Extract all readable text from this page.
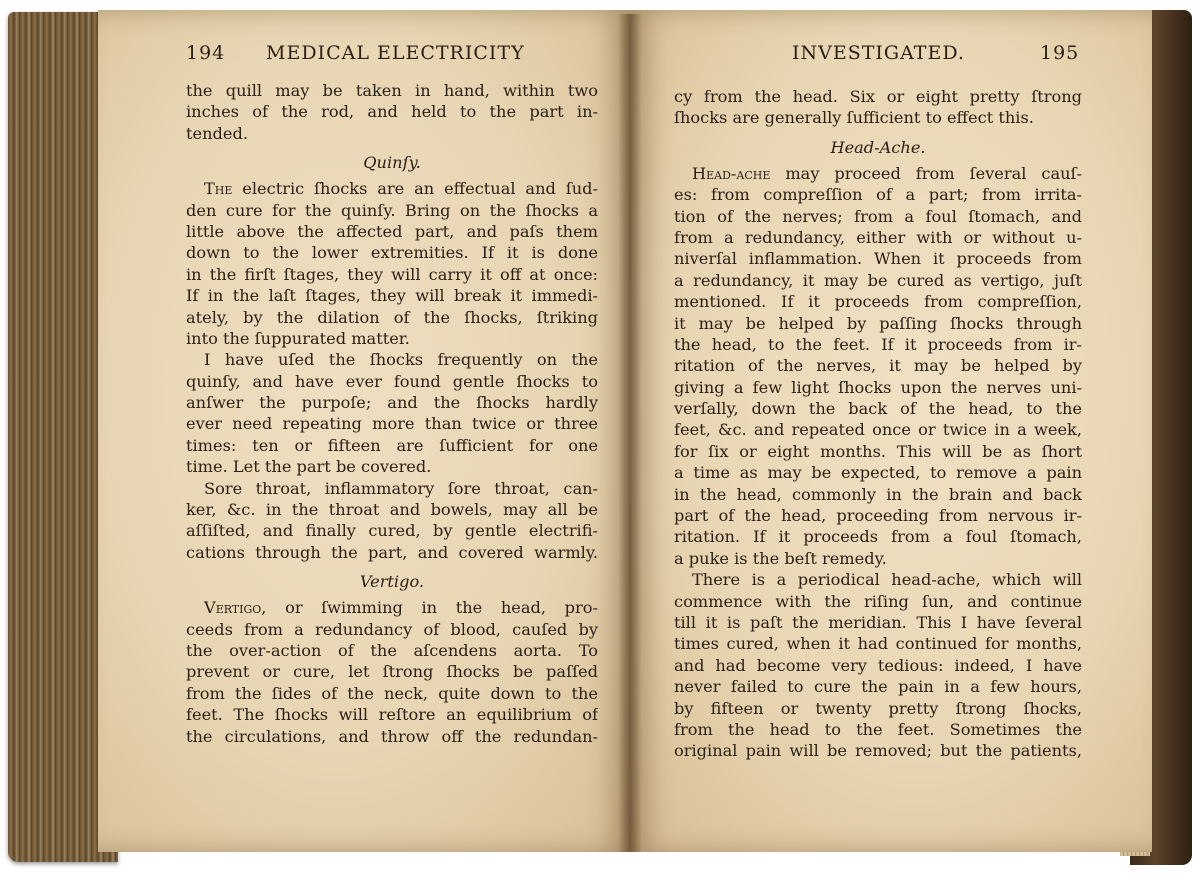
194 MEDICAL ELECTRICITY
the quill may be taken in hand, within two
inches of the rod, and held to the part in-
tended.
Quinſy.
The electric ſhocks are an effectual and ſud-
den cure for the quinſy. Bring on the ſhocks a
little above the affected part, and paſs them
down to the lower extremities. If it is done
in the firſt ſtages, they will carry it off at once:
If in the laſt ſtages, they will break it immedi-
ately, by the dilation of the ſhocks, ſtriking
into the ſuppurated matter.
I have uſed the ſhocks frequently on the
quinſy, and have ever found gentle ſhocks to
anſwer the purpoſe; and the ſhocks hardly
ever need repeating more than twice or three
times: ten or fifteen are ſufficient for one
time. Let the part be covered.
Sore throat, inflammatory ſore throat, can-
ker, &c. in the throat and bowels, may all be
aſſiſted, and finally cured, by gentle electrifi-
cations through the part, and covered warmly.
Vertigo.
Vertigo, or ſwimming in the head, pro-
ceeds from a redundancy of blood, cauſed by
the over-action of the aſcendens aorta. To
prevent or cure, let ſtrong ſhocks be paſſed
from the ſides of the neck, quite down to the
feet. The ſhocks will reſtore an equilibrium of
the circulations, and throw off the redundan-
INVESTIGATED.	195
cy from the head. Six or eight pretty ſtrong
ſhocks are generally ſufficient to effect this.
Head-Ache.
Head-ache may proceed from ſeveral cauſ-
es: from compreſſion of a part; from irrita-
tion of the nerves; from a foul ſtomach, and
from a redundancy, either with or without u-
niverſal inflammation. When it proceeds from
a redundancy, it may be cured as vertigo, juſt
mentioned. If it proceeds from compreſſion,
it may be helped by paſſing ſhocks through
the head, to the feet. If it proceeds from ir-
ritation of the nerves, it may be helped by
giving a few light ſhocks upon the nerves uni-
verſally, down the back of the head, to the
feet, &c. and repeated once or twice in a week,
for ſix or eight months. This will be as ſhort
a time as may be expected, to remove a pain
in the head, commonly in the brain and back
part of the head, proceeding from nervous ir-
ritation. If it proceeds from a foul ſtomach,
a puke is the beſt remedy.
There is a periodical head-ache, which will
commence with the riſing ſun, and continue
till it is paſt the meridian. This I have ſeveral
times cured, when it had continued for months,
and had become very tedious: indeed, I have
never failed to cure the pain in a few hours,
by fifteen or twenty pretty ſtrong ſhocks,
from the head to the feet. Sometimes the
original pain will be removed; but the patients,
